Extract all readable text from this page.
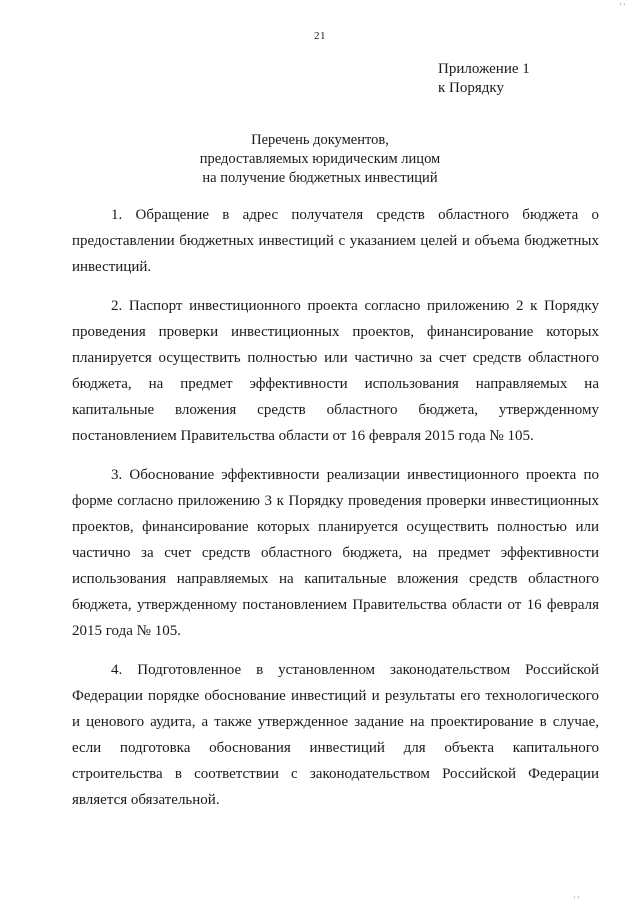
' '
21
Приложение 1
к Порядку
Перечень документов,
предоставляемых юридическим лицом
на получение бюджетных инвестиций

1. Обращение в адрес получателя средств областного бюджета о предоставлении бюджетных инвестиций с указанием целей и объема бюджетных инвестиций.

2. Паспорт инвестиционного проекта согласно приложению 2 к Порядку проведения проверки инвестиционных проектов, финансирование которых планируется осуществить полностью или частично за счет средств областного бюджета, на предмет эффективности использования направляемых на капитальные вложения средств областного бюджета, утвержденному постановлением Правительства области от 16 февраля 2015 года № 105.

3. Обоснование эффективности реализации инвестиционного проекта по форме согласно приложению 3 к Порядку проведения проверки инвестиционных проектов, финансирование которых планируется осуществить полностью или частично за счет средств областного бюджета, на предмет эффективности использования направляемых на капитальные вложения средств областного бюджета, утвержденному постановлением Правительства области от 16 февраля 2015 года № 105.

4. Подготовленное в установленном законодательством Российской Федерации порядке обоснование инвестиций и результаты его технологического и ценового аудита, а также утвержденное задание на проектирование в случае, если подготовка обоснования инвестиций для объекта капитального строительства в соответствии с законодательством Российской Федерации является обязательной.

' '
